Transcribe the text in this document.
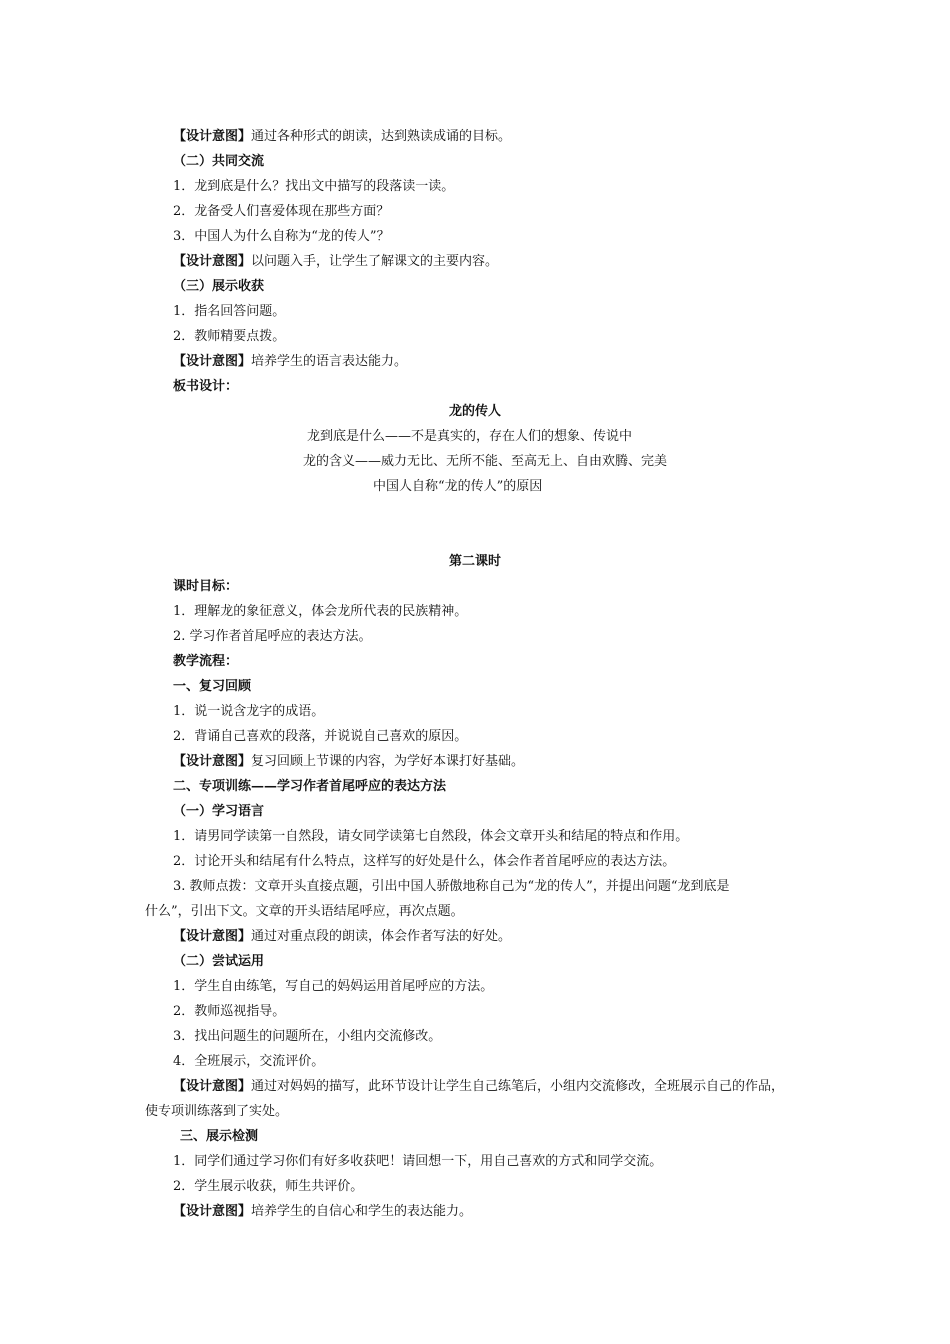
【设计意图】通过各种形式的朗读，达到熟读成诵的目标。
（二）共同交流
1．龙到底是什么？找出文中描写的段落读一读。
2．龙备受人们喜爱体现在那些方面？
3．中国人为什么自称为“龙的传人”？
【设计意图】以问题入手，让学生了解课文的主要内容。
（三）展示收获
1．指名回答问题。
2．教师精要点拨。
【设计意图】培养学生的语言表达能力。
板书设计：
龙的传人
龙到底是什么——不是真实的，存在人们的想象、传说中
龙的含义——威力无比、无所不能、至高无上、自由欢腾、完美
中国人自称“龙的传人”的原因
第二课时
课时目标：
1．理解龙的象征意义，体会龙所代表的民族精神。
2. 学习作者首尾呼应的表达方法。
教学流程：
一、复习回顾
1．说一说含龙字的成语。
2．背诵自己喜欢的段落，并说说自己喜欢的原因。
【设计意图】复习回顾上节课的内容，为学好本课打好基础。
二、专项训练——学习作者首尾呼应的表达方法
（一）学习语言
1．请男同学读第一自然段，请女同学读第七自然段，体会文章开头和结尾的特点和作用。
2．讨论开头和结尾有什么特点，这样写的好处是什么，体会作者首尾呼应的表达方法。
3. 教师点拨：文章开头直接点题，引出中国人骄傲地称自己为“龙的传人”，并提出问题“龙到底是
什么”，引出下文。文章的开头语结尾呼应，再次点题。
【设计意图】通过对重点段的朗读，体会作者写法的好处。
（二）尝试运用
1．学生自由练笔，写自己的妈妈运用首尾呼应的方法。
2．教师巡视指导。
3．找出问题生的问题所在，小组内交流修改。
4．全班展示，交流评价。
【设计意图】通过对妈妈的描写，此环节设计让学生自己练笔后，小组内交流修改，全班展示自己的作品，
使专项训练落到了实处。
三、展示检测
1．同学们通过学习你们有好多收获吧！请回想一下，用自己喜欢的方式和同学交流。
2．学生展示收获，师生共评价。
【设计意图】培养学生的自信心和学生的表达能力。
